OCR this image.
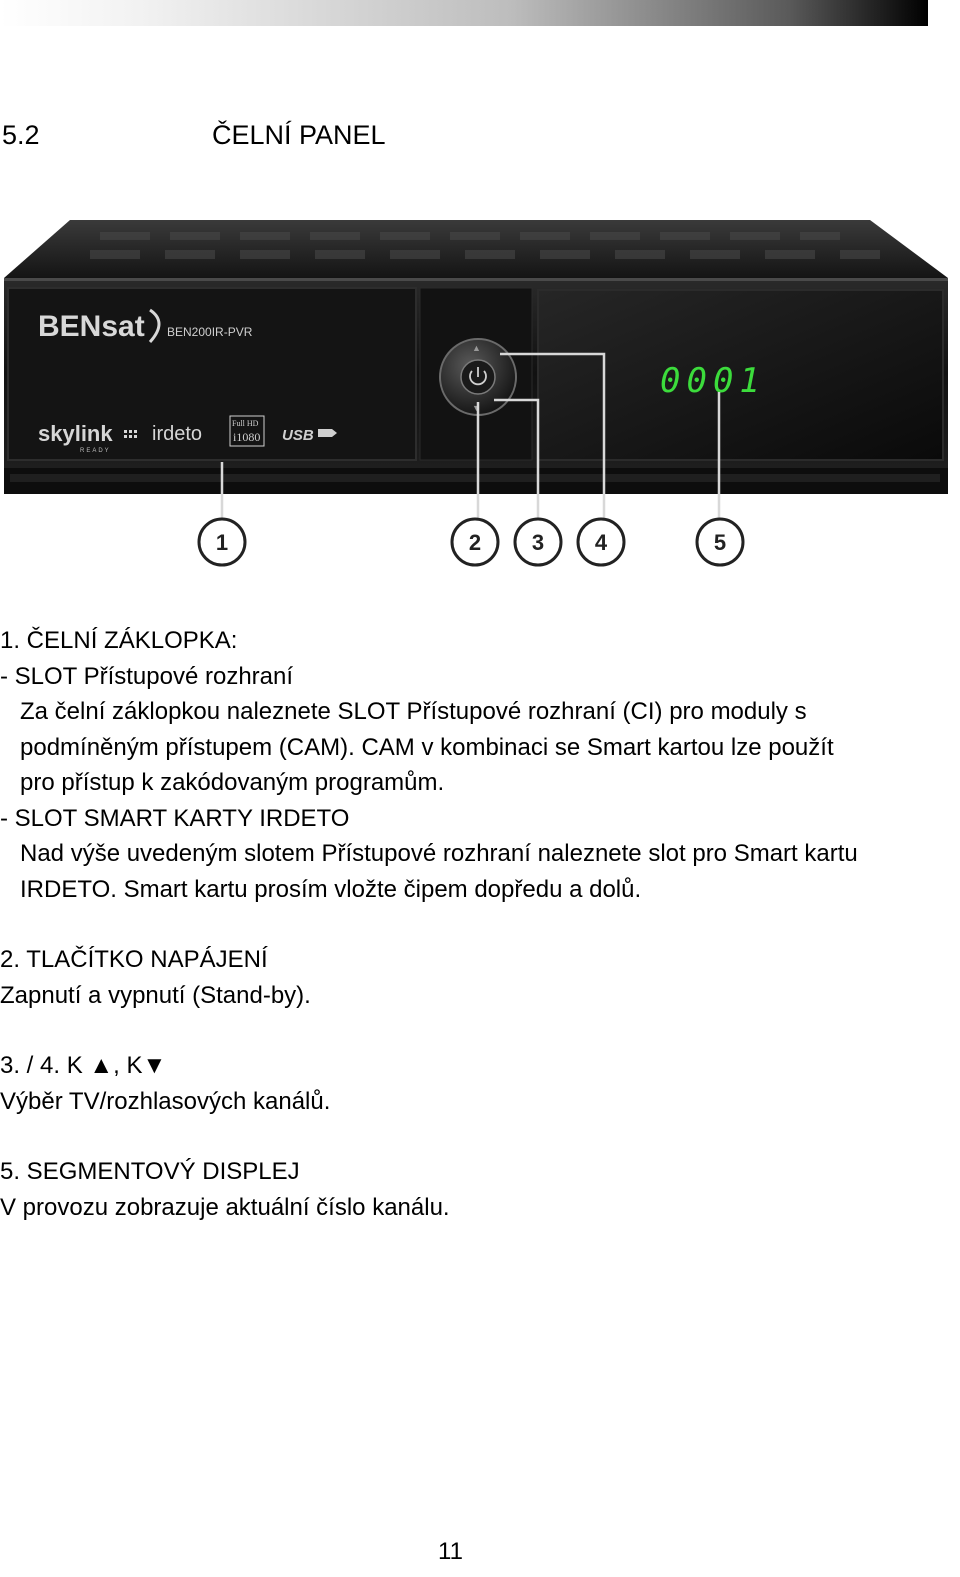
5.2	ČELNÍ PANEL
BENsat BEN200IR-PVR
skylink
READY
irdeto	Full HD
i1080 USB
▲
▼
0001
1	2 3 4	5
1. ČELNÍ ZÁKLOPKA:
- SLOT Přístupové rozhraní
Za čelní záklopkou naleznete SLOT Přístupové rozhraní (CI) pro moduly s
podmíněným přístupem (CAM). CAM v kombinaci se Smart kartou lze použít
pro přístup k zakódovaným programům.
- SLOT SMART KARTY IRDETO
Nad výše uvedeným slotem Přístupové rozhraní naleznete slot pro Smart kartu
IRDETO. Smart kartu prosím vložte čipem dopředu a dolů.
2. TLAČÍTKO NAPÁJENÍ
Zapnutí a vypnutí (Stand-by).
3. / 4. K ▲, K▼
Výběr TV/rozhlasových kanálů.
5. SEGMENTOVÝ DISPLEJ
V provozu zobrazuje aktuální číslo kanálu.
11
